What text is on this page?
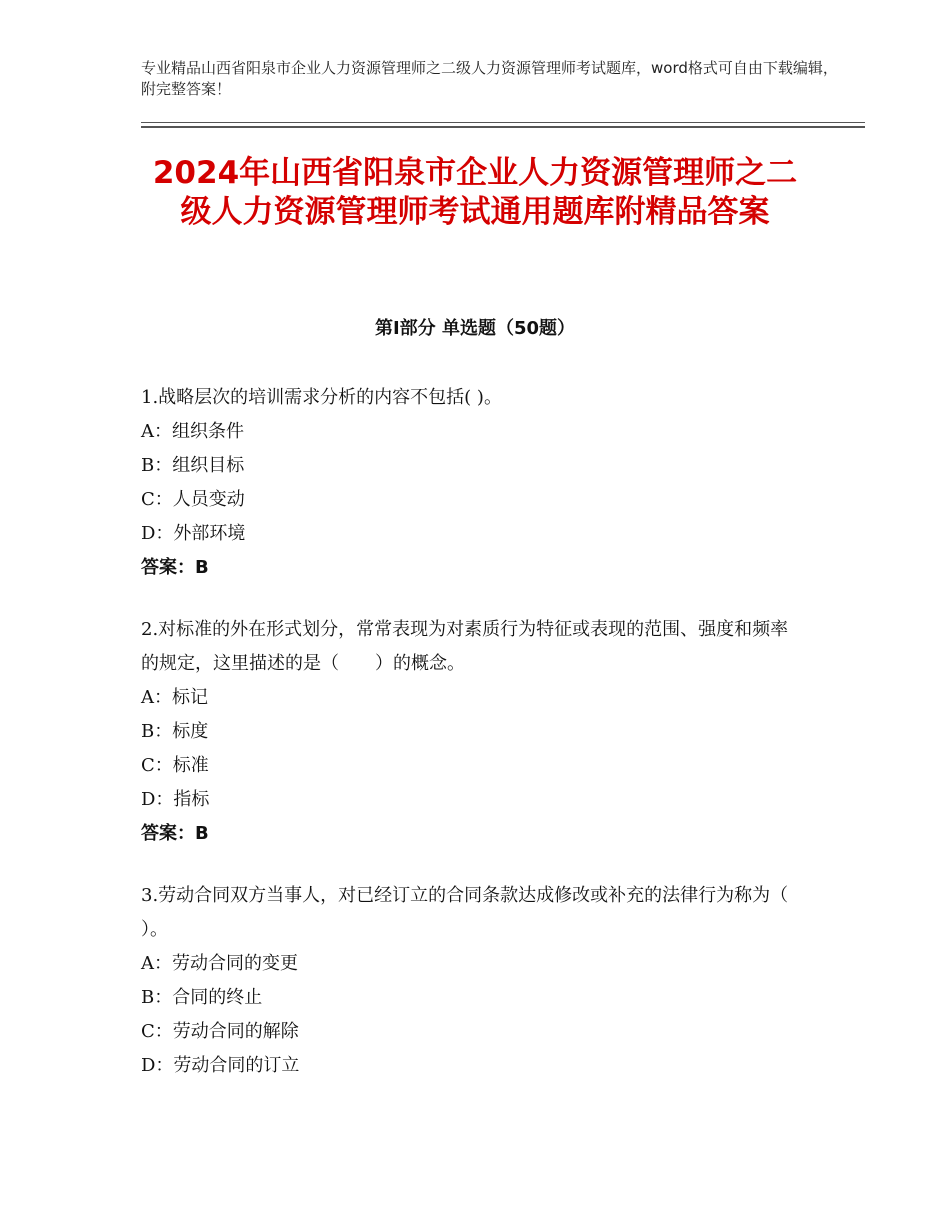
专业精品山西省阳泉市企业人力资源管理师之二级人力资源管理师考试题库，word格式可自由下载编辑，附完整答案！
2024年山西省阳泉市企业人力资源管理师之二级人力资源管理师考试通用题库附精品答案
第Ⅰ部分 单选题（50题）

1.战略层次的培训需求分析的内容不包括( )。

A：组织条件

B：组织目标

C：人员变动

D：外部环境

答案：B

2.对标准的外在形式划分，常常表现为对素质行为特征或表现的范围、强度和频率的规定，这里描述的是（　　）的概念。

A：标记

B：标度

C：标准

D：指标

答案：B

3.劳动合同双方当事人，对已经订立的合同条款达成修改或补充的法律行为称为（ ）。

A：劳动合同的变更

B：合同的终止

C：劳动合同的解除

D：劳动合同的订立
